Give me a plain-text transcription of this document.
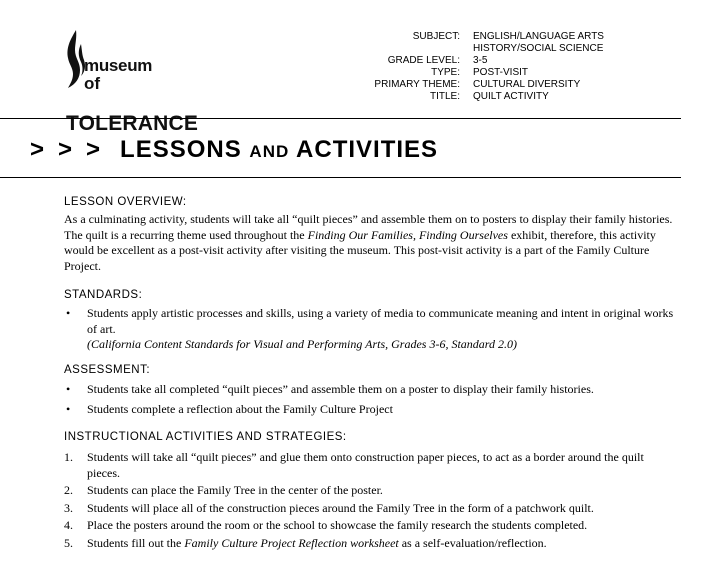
museum
of
TOLERANCE
SUBJECT:

GRADE LEVEL:
TYPE:
PRIMARY THEME:
TITLE:
ENGLISH/LANGUAGE ARTS
HISTORY/SOCIAL SCIENCE
3-5
POST-VISIT
CULTURAL DIVERSITY
QUILT ACTIVITY
>>> LESSONS AND ACTIVITIES
LESSON OVERVIEW:
As a culminating activity, students will take all “quilt pieces” and assemble them on to posters to display their family histories. The quilt is a recurring theme used throughout the Finding Our Families, Finding Ourselves exhibit, therefore, this activity would be excellent as a post-visit activity after visiting the museum. This post-visit activity is a part of the Family Culture Project.
STANDARDS:
• Students apply artistic processes and skills, using a variety of media to communicate meaning and intent in original works of art.
(California Content Standards for Visual and Performing Arts, Grades 3-6, Standard 2.0)
ASSESSMENT:
• Students take all completed “quilt pieces” and assemble them on a poster to display their family histories.
• Students complete a reflection about the Family Culture Project
INSTRUCTIONAL ACTIVITIES AND STRATEGIES:
1. Students will take all “quilt pieces” and glue them onto construction paper pieces, to act as a border around the quilt pieces.
2. Students can place the Family Tree in the center of the poster.
3. Students will place all of the construction pieces around the Family Tree in the form of a patchwork quilt.
4. Place the posters around the room or the school to showcase the family research the students completed.
5. Students fill out the Family Culture Project Reflection worksheet as a self-evaluation/reflection.
